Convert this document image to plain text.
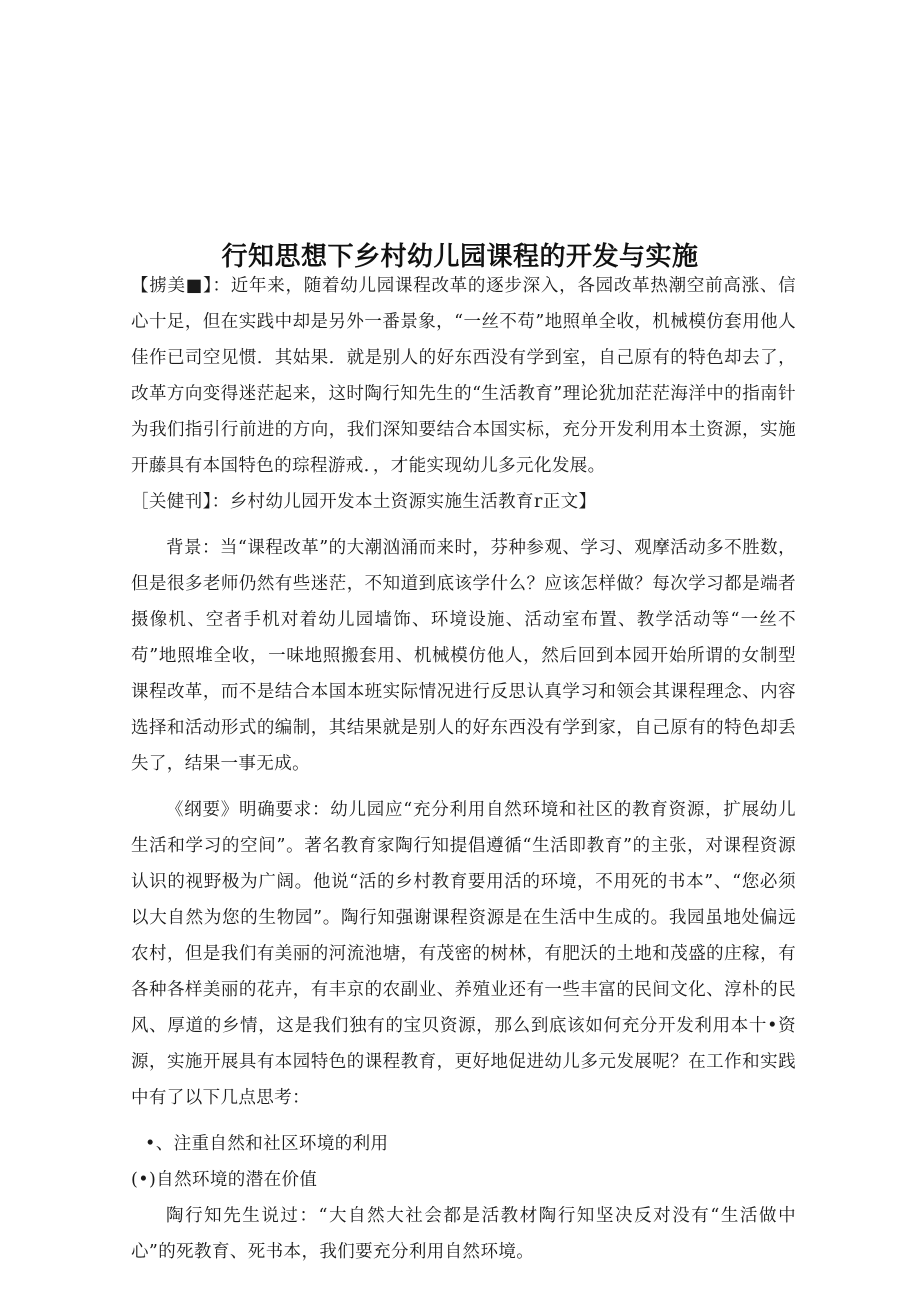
行知思想下乡村幼儿园课程的开发与实施

【掳美■】：近年来，随着幼儿园课程改革的逐步深入，各园改革热潮空前高涨、信心十足，但在实践中却是另外一番景象，“一丝不苟”地照单全收，机械模仿套用他人佳作已司空见惯．其姑果．就是别人的好东西没有学到室，自己原有的特色却去了，改革方向变得迷茫起来，这时陶行知先生的“生活教育”理论犹加茫茫海洋中的指南针为我们指引行前进的方向，我们深知要结合本国实标，充分开发利用本土资源，实施开藤具有本国特色的琮程游戒．，才能实现幼儿多元化发展。

［关健刊】：乡村幼儿园开发本土资源实施生活教育r正文】

背景：当“课程改革”的大潮汹涌而来时，芬种参观、学习、观摩活动多不胜数，但是很多老师仍然有些迷茫，不知道到底该学什么？应该怎样做？每次学习都是端者摄像机、空者手机对着幼儿园墙饰、环境设施、活动室布置、教学活动等“一丝不苟”地照堆全收，一味地照搬套用、机械模仿他人，然后回到本园开始所谓的女制型课程改革，而不是结合本国本班实际情况进行反思认真学习和领会其课程理念、内容选择和活动形式的编制，其结果就是别人的好东西没有学到家，自己原有的特色却丢失了，结果一事无成。

《纲要》明确要求：幼儿园应“充分利用自然环境和社区的教育资源，扩展幼儿生活和学习的空间”。著名教育家陶行知提倡遵循“生活即教育”的主张，对课程资源认识的视野极为广阔。他说“活的乡村教育要用活的环境，不用死的书本”、“您必须以大自然为您的生物园”。陶行知强谢课程资源是在生活中生成的。我园虽地处偏远农村，但是我们有美丽的河流池塘，有茂密的树林，有肥沃的土地和茂盛的庄稼，有各种各样美丽的花卉，有丰京的农副业、养殖业还有一些丰富的民间文化、淳朴的民风、厚道的乡情，这是我们独有的宝贝资源，那么到底该如何充分开发利用本十•资源，实施开展具有本园特色的课程教育，更好地促进幼儿多元发展呢？在工作和实践中有了以下几点思考：

•、注重自然和社区环境的利用

(•)自然环境的潜在价值

陶行知先生说过：“大自然大社会都是活教材陶行知坚决反对没有“生活做中心”的死教育、死书本，我们要充分利用自然环境。
